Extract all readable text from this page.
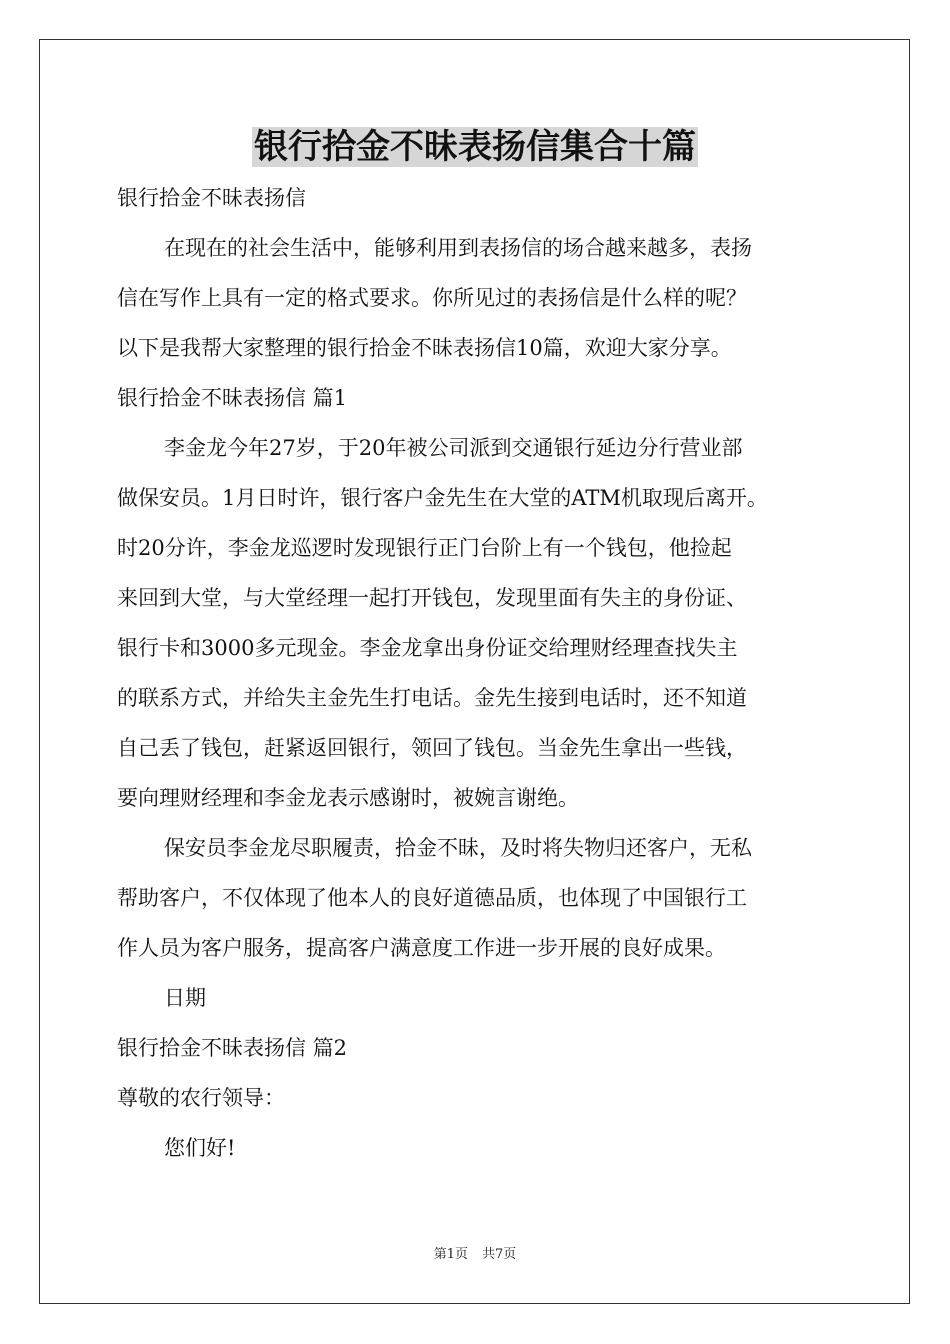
银行拾金不昧表扬信集合十篇

银行拾金不昧表扬信

在现在的社会生活中，能够利用到表扬信的场合越来越多，表扬

信在写作上具有一定的格式要求。你所见过的表扬信是什么样的呢？

以下是我帮大家整理的银行拾金不昧表扬信10篇，欢迎大家分享。

银行拾金不昧表扬信 篇1

李金龙今年27岁，于20年被公司派到交通银行延边分行营业部

做保安员。1月日时许，银行客户金先生在大堂的ATM机取现后离开。

时20分许，李金龙巡逻时发现银行正门台阶上有一个钱包，他捡起

来回到大堂，与大堂经理一起打开钱包，发现里面有失主的身份证、

银行卡和3000多元现金。李金龙拿出身份证交给理财经理查找失主

的联系方式，并给失主金先生打电话。金先生接到电话时，还不知道

自己丢了钱包，赶紧返回银行，领回了钱包。当金先生拿出一些钱，

要向理财经理和李金龙表示感谢时，被婉言谢绝。

保安员李金龙尽职履责，拾金不昧，及时将失物归还客户，无私

帮助客户，不仅体现了他本人的良好道德品质，也体现了中国银行工

作人员为客户服务，提高客户满意度工作进一步开展的良好成果。

日期

银行拾金不昧表扬信 篇2

尊敬的农行领导：

您们好!

第1页 共7页
